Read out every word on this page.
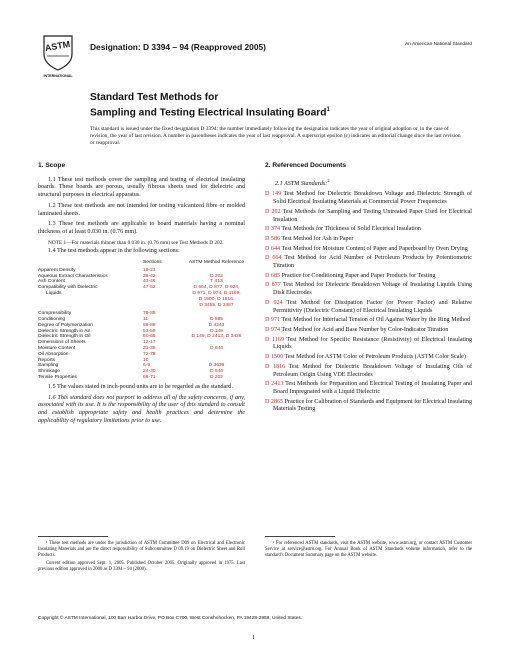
ASTM
INTERNATIONAL
Designation: D 3394 – 94 (Reapproved 2005)	An American National Standard
Standard Test Methods for
Sampling and Testing Electrical Insulating Board$^1$
This standard is issued under the fixed designation D 3394; the number immediately following the designation indicates the year of original adoption or, in the case of revision, the year of last revision. A number in parentheses indicates the year of last reapproval. A superscript epsilon (ε) indicates an editorial change since the last revision or reapproval.
1. Scope

1.1 These test methods cover the sampling and testing of electrical insulating boards. These boards are porous, usually fibrous sheets used for dielectric and structural purposes in electrical apparatus.

1.2 These test methods are not intended for testing vulcanized fibre or molded laminated sheets.

1.3 These test methods are applicable to board materials having a nominal thickness of at least 0.030 in. (0.76 mm).

NOTE 1—For materials thinner than 0.030 in. (0.76 mm) see Test Methods D 202.

1.4 The test methods appear in the following sections:

Sections	ASTM Method Reference
Apparent Density	18-23
Aqueous Extract Characteristics	36-42	D 202
Ash Content	43-46	T 413
Compatibility with Dielectric	47-52	D 664, D 877, D 924,
Liquids	D 971, D 974, D 1169,
D 1500, D 1816,
D 3455, D 3487
Compressibility	79-85
Conditioning	11	D 685
Degree of Polymerization	86-89	D 4243
Dielectric Strength in Air	53-59	D 149
Dielectric Strength in Oil	60-65	D 149, D 2413, D 3426
Dimensions of Sheets	12-17
Moisture Content	31-35	D 644
Oil Absorption	72-78
Reports	10
Sampling	6-9	D 3636
Shrinkage	24-30	D 644
Tensile Properties	66-71	D 202

1.5 The values stated in inch-pound units are to be regarded as the standard.

1.6 This standard does not purport to address all of the safety concerns, if any, associated with its use. It is the responsibility of the user of this standard to consult and establish appropriate safety and health practices and determine the applicability of regulatory limitations prior to use.

2. Referenced Documents

2.1 ASTM Standards:$^2$

D 149 Test Method for Dielectric Breakdown Voltage and Dielectric Strength of Solid Electrical Insulating Materials at Commercial Power Frequencies

D 202 Test Methods for Sampling and Testing Untreated Paper Used for Electrical Insulation

D 374 Test Methods for Thickness of Solid Electrical Insulation

D 586 Test Method for Ash in Paper

D 644 Test Method for Moisture Content of Paper and Paperboard by Oven Drying

D 664 Test Method for Acid Number of Petroleum Products by Potentiometric Titration

D 685 Practice for Conditioning Paper and Paper Products for Testing

D 877 Test Method for Dielectric Breakdown Voltage of Insulating Liquids Using Disk Electrodes

D 924 Test Method for Dissipation Factor (or Power Factor) and Relative Permittivity (Dielectric Constant) of Electrical Insulating Liquids

D 971 Test Method for Interfacial Tension of Oil Against Water by the Ring Method

D 974 Test Method for Acid and Base Number by Color-Indicator Titration

D 1169 Test Method for Specific Resistance (Resistivity) of Electrical Insulating Liquids

D 1500 Test Method for ASTM Color of Petroleum Products (ASTM Color Scale)

D 1816 Test Method for Dielectric Breakdown Voltage of Insulating Oils of Petroleum Origin Using VDE Electrodes

D 2413 Test Methods for Preparation and Electrical Testing of Insulating Paper and Board Impregnated with a Liquid Dielectric

D 2865 Practice for Calibration of Standards and Equipment for Electrical Insulating Materials Testing

¹ These test methods are under the jurisdiction of ASTM Committee D09 on Electrical and Electronic Insulating Materials and are the direct responsibility of Subcommittee D 09.19 on Dielectric Sheet and Roll Products.

Current edition approved Sept. 1, 2005. Published October 2005. Originally approved in 1975. Last previous edition approved in 2000 as D 3394 – 94 (2000).

² For referenced ASTM standards, visit the ASTM website, www.astm.org, or contact ASTM Customer Service at service@astm.org. For Annual Book of ASTM Standards volume information, refer to the standard's Document Summary page on the ASTM website.

Copyright © ASTM International, 100 Barr Harbor Drive, PO Box C700, West Conshohocken, PA 19428-2959, United States.
1
